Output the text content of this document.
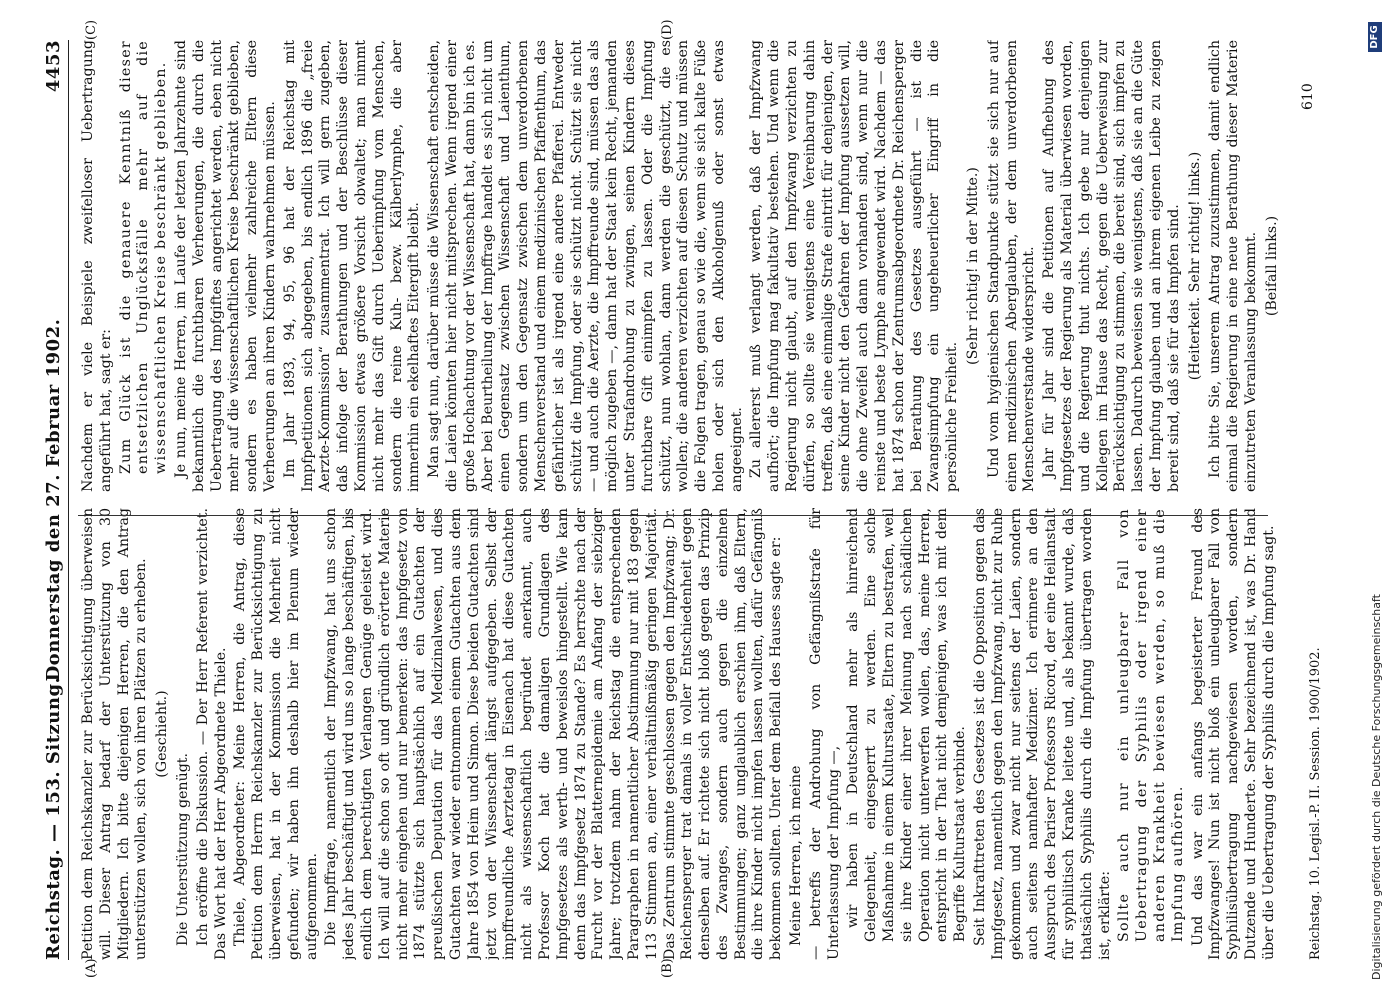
Reichstag. — 153. Sitzung.
Donnerstag den 27. Februar 1902.
4453
(A)	(B)
(C)	(D)

Petition dem Reichskanzler zur Berücksichtigung überweisen will. Dieser Antrag bedarf der Unterstützung von 30 Mitgliedern. Ich bitte diejenigen Herren, die den Antrag unterstützen wollen, sich von ihren Plätzen zu erheben. (Geschieht.)

Die Unterstützung genügt. Ich eröffne die Diskussion. — Der Herr Referent verzichtet. Das Wort hat der Herr Abgeordnete Thiele. Thiele, Abgeordneter: Meine Herren, die Antrag, diese Petition dem Herrn Reichskanzler zur Berücksichtigung zu überweisen, hat in der Kommission die Mehrheit nicht gefunden; wir haben ihn deshalb hier im Plenum wieder aufgenommen. Die Impffrage, namentlich der Impfzwang, hat uns schon jedes Jahr beschäftigt und wird uns so lange beschäftigen, bis endlich dem berechtigten Verlangen Genüge geleistet wird. Ich will auf die schon so oft und gründlich erörterte Materie nicht mehr eingehen und nur bemerken: das Impfgesetz von 1874 stützte sich hauptsächlich auf ein Gutachten der preußischen Deputation für das Medizinalwesen, und dies Gutachten war wieder entnommen einem Gutachten aus dem Jahre 1854 von Heim und Simon. Diese beiden Gutachten sind jetzt von der Wissenschaft längst aufgegeben. Selbst der impffreundliche Aerztetag in Eisenach hat diese Gutachten nicht als wissenschaftlich begründet anerkannt, auch Professor Koch hat die damaligen Grundlagen des Impfgesetzes als werth- und beweislos hingestellt. Wie kam denn das Impfgesetz 1874 zu Stande? Es herrschte nach der Furcht vor der Blatternepidemie am Anfang der siebziger Jahre; trotzdem nahm der Reichstag die entsprechenden Paragraphen in namentlicher Abstimmung nur mit 183 gegen 113 Stimmen an, einer verhältnißmäßig geringen Majorität. Das Zentrum stimmte geschlossen gegen den Impfzwang; Dr. Reichensperger trat damals in voller Entschiedenheit gegen denselben auf. Er richtete sich nicht bloß gegen das Prinzip des Zwanges, sondern auch gegen die einzelnen Bestimmungen; ganz unglaublich erschien ihm, daß Eltern, die ihre Kinder nicht impfen lassen wollten, dafür Gefängniß bekommen sollten. Unter dem Beifall des Hauses sagte er: Meine Herren, ich meine — betreffs der Androhung von Gefängnißstrafe für Unterlassung der Impfung —, wir haben in Deutschland mehr als hinreichend Gelegenheit, eingesperrt zu werden. Eine solche Maßnahme in einem Kulturstaate, Eltern zu bestrafen, weil sie ihre Kinder einer ihrer Meinung nach schädlichen Operation nicht unterwerfen wollen, das, meine Herren, entspricht in der That nicht demjenigen, was ich mit dem Begriffe Kulturstaat verbinde. Seit Inkrafttreten des Gesetzes ist die Opposition gegen das Impfgesetz, namentlich gegen den Impfzwang, nicht zur Ruhe gekommen und zwar nicht nur seitens der Laien, sondern auch seitens namhafter Mediziner. Ich erinnere an den Ausspruch des Pariser Professors Ricord, der eine Heilanstalt für syphilitisch Kranke leitete und, als bekannt wurde, daß thatsächlich Syphilis durch die Impfung übertragen worden ist, erklärte: Sollte auch nur ein unleugbarer Fall von Uebertragung der Syphilis oder irgend einer anderen Krankheit bewiesen werden, so muß die Impfung aufhören. Und das war ein anfangs begeisterter Freund des Impfzwanges! Nun ist nicht bloß ein unleugbarer Fall von Syphilisübertragung nachgewiesen worden, sondern Dutzende und Hunderte. Sehr bezeichnend ist, was Dr. Hand über die Uebertragung der Syphilis durch die Impfung sagt.

Nachdem er viele Beispiele zweifelloser Uebertragung angeführt hat, sagt er: Zum Glück ist die genauere Kenntniß dieser entsetzlichen Unglücksfälle mehr auf die wissenschaftlichen Kreise beschränkt geblieben. Je nun, meine Herren, im Laufe der letzten Jahrzehnte sind bekanntlich die furchtbaren Verheerungen, die durch die Uebertragung des Impfgiftes angerichtet werden, eben nicht mehr auf die wissenschaftlichen Kreise beschränkt geblieben, sondern es haben vielmehr zahlreiche Eltern diese Verheerungen an ihren Kindern wahrnehmen müssen. Im Jahr 1893, 94, 95, 96 hat der Reichstag mit Impfpetitionen sich abgegeben, bis endlich 1896 die „freie Aerzte-Kommission“ zusammentrat. Ich will gern zugeben, daß infolge der Berathungen und der Beschlüsse dieser Kommission etwas größere Vorsicht obwaltet; man nimmt nicht mehr das Gift durch Ueberimpfung vom Menschen, sondern die reine Kuh- bezw. Kälberlymphe, die aber immerhin ein ekelhaftes Eitergift bleibt. Man sagt nun, darüber müsse die Wissenschaft entscheiden, die Laien könnten hier nicht mitsprechen. Wenn irgend einer große Hochachtung vor der Wissenschaft hat, dann bin ich es. Aber bei Beurtheilung der Impffrage handelt es sich nicht um einen Gegensatz zwischen Wissenschaft und Laienthum, sondern um den Gegensatz zwischen dem unverdorbenen Menschenverstand und einem medizinischen Pfaffenthum, das gefährlicher ist als irgend eine andere Pfafferei. Entweder schützt die Impfung, oder sie schützt nicht. Schützt sie nicht — und auch die Aerzte, die Impffreunde sind, müssen das als möglich zugeben —, dann hat der Staat kein Recht, jemanden unter Strafandrohung zu zwingen, seinen Kindern dieses furchtbare Gift einimpfen zu lassen. Oder die Impfung schützt, nun wohlan, dann werden die geschützt, die es wollen; die anderen verzichten auf diesen Schutz und müssen die Folgen tragen, genau so wie die, wenn sie sich kalte Füße holen oder sich den Alkoholgenuß oder sonst etwas angeeignet. Zu allererst muß verlangt werden, daß der Impfzwang aufhört; die Impfung mag fakultativ bestehen. Und wenn die Regierung nicht glaubt, auf den Impfzwang verzichten zu dürfen, so sollte sie wenigstens eine Vereinbarung dahin treffen, daß eine einmalige Strafe eintritt für denjenigen, der seine Kinder nicht den Gefahren der Impfung aussetzen will, die ohne Zweifel auch dann vorhanden sind, wenn nur die reinste und beste Lymphe angewendet wird. Nachdem — das hat 1874 schon der Zentrumsabgeordnete Dr. Reichensperger bei Berathung des Gesetzes ausgeführt — ist die Zwangsimpfung ein ungeheuerlicher Eingriff in die persönliche Freiheit.

(Sehr richtig! in der Mitte.) Und vom hygienischen Standpunkte stützt sie sich nur auf einen medizinischen Aberglauben, der dem unverdorbenen Menschenverstande widerspricht. Jahr für Jahr sind die Petitionen auf Aufhebung des Impfgesetzes der Regierung als Material überwiesen worden, und die Regierung thut nichts. Ich gebe nur denjenigen Kollegen im Hause das Recht, gegen die Ueberweisung zur Berücksichtigung zu stimmen, die bereit sind, sich impfen zu lassen. Dadurch beweisen sie wenigstens, daß sie an die Güte der Impfung glauben und an ihrem eigenen Leibe zu zeigen bereit sind, daß sie für das Impfen sind. (Heiterkeit. Sehr richtig! links.) Ich bitte Sie, unserem Antrag zuzustimmen, damit endlich einmal die Regierung in eine neue Berathung dieser Materie einzutreten Veranlassung bekommt. (Beifall links.)

Reichstag. 10. Legisl.-P. II. Session. 1900/1902.
610
Digitalisierung gefördert durch die Deutsche Forschungsgemeinschaft
DFG
